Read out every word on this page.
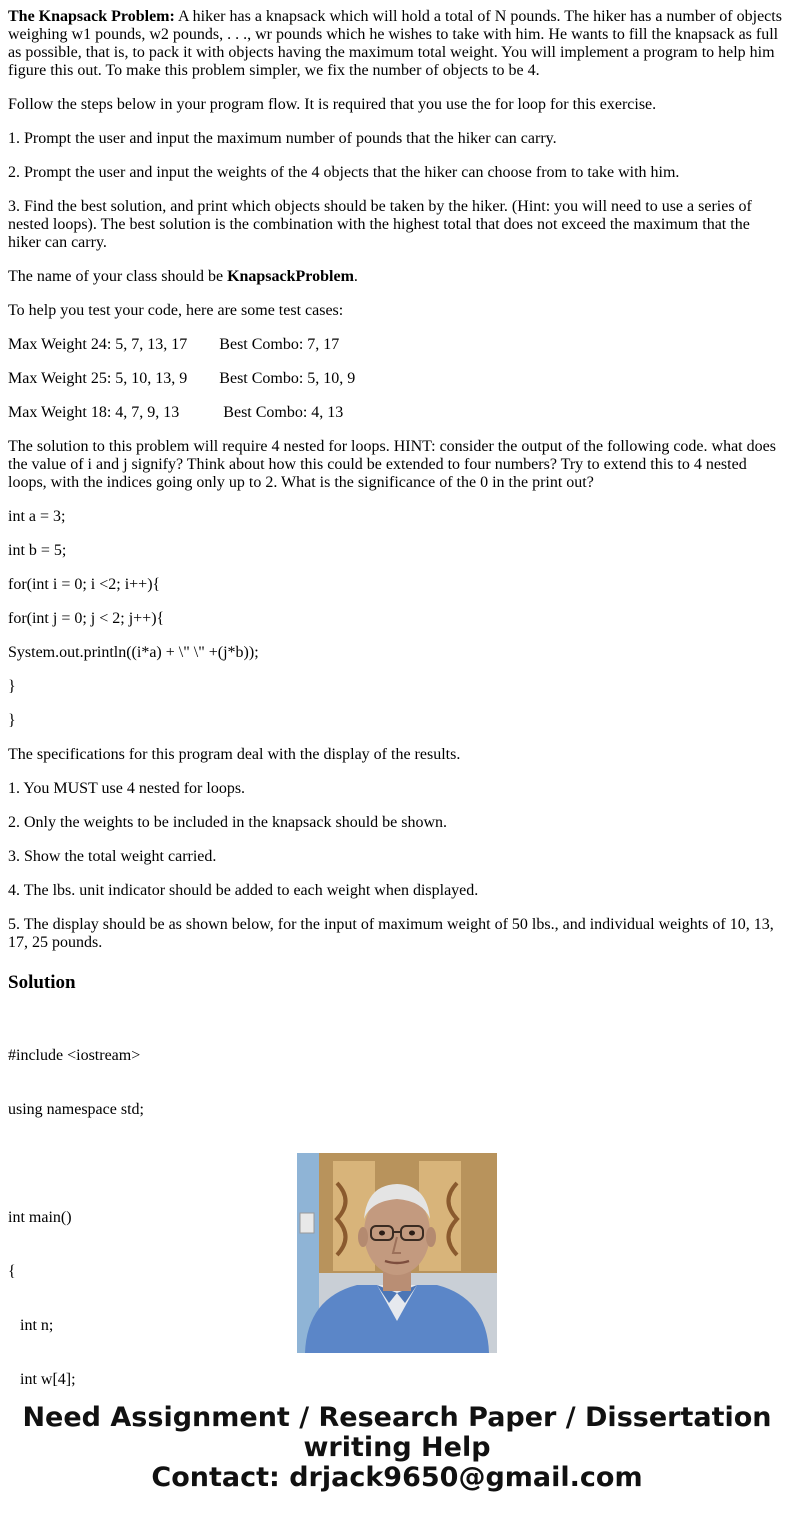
The Knapsack Problem: A hiker has a knapsack which will hold a total of N pounds. The hiker has a number of objects weighing w1 pounds, w2 pounds, . . ., wr pounds which he wishes to take with him. He wants to fill the knapsack as full as possible, that is, to pack it with objects having the maximum total weight. You will implement a program to help him figure this out. To make this problem simpler, we fix the number of objects to be 4.

Follow the steps below in your program flow. It is required that you use the for loop for this exercise.

1. Prompt the user and input the maximum number of pounds that the hiker can carry.

2. Prompt the user and input the weights of the 4 objects that the hiker can choose from to take with him.

3. Find the best solution, and print which objects should be taken by the hiker. (Hint: you will need to use a series of nested loops). The best solution is the combination with the highest total that does not exceed the maximum that the hiker can carry.

The name of your class should be KnapsackProblem.

To help you test your code, here are some test cases:

Max Weight 24: 5, 7, 13, 17        Best Combo: 7, 17

Max Weight 25: 5, 10, 13, 9        Best Combo: 5, 10, 9

Max Weight 18: 4, 7, 9, 13           Best Combo: 4, 13

The solution to this problem will require 4 nested for loops. HINT: consider the output of the following code. what does the value of i and j signify? Think about how this could be extended to four numbers? Try to extend this to 4 nested loops, with the indices going only up to 2. What is the significance of the 0 in the print out?

int a = 3;

int b = 5;

for(int i = 0; i <2; i++){

for(int j = 0; j < 2; j++){

System.out.println((i*a) + \" \" +(j*b));

}

}

The specifications for this program deal with the display of the results.

1. You MUST use 4 nested for loops.

2. Only the weights to be included in the knapsack should be shown.

3. Show the total weight carried.

4. The lbs. unit indicator should be added to each weight when displayed.

5. The display should be as shown below, for the input of maximum weight of 50 lbs., and individual weights of 10, 13, 17, 25 pounds.

Solution

#include <iostream>

using namespace std;

int main()

{

int n;

int w[4];

Need Assignment / Research Paper / Dissertation
writing Help
Contact: drjack9650@gmail.com
